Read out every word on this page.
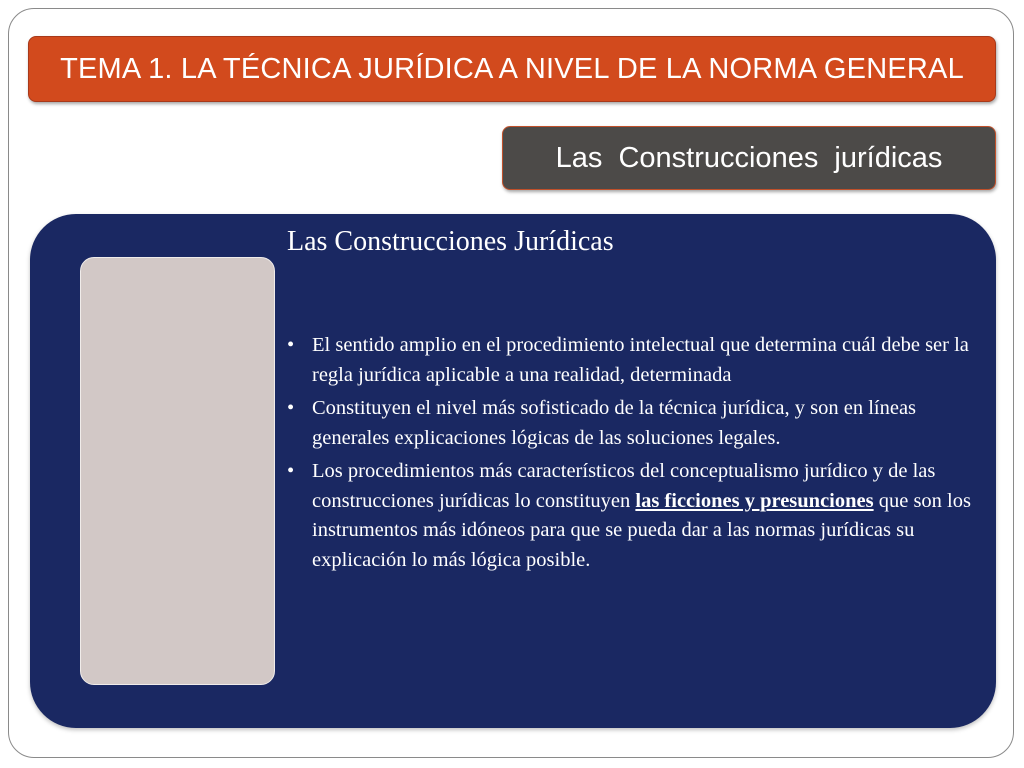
TEMA 1. LA TÉCNICA JURÍDICA A NIVEL DE LA NORMA GENERAL
Las  Construcciones  jurídicas
Las Construcciones Jurídicas
• El sentido amplio en el procedimiento intelectual que determina cuál debe ser la regla jurídica aplicable a una realidad, determinada
• Constituyen el nivel más sofisticado de la técnica jurídica, y son en líneas generales explicaciones lógicas de las soluciones legales.
• Los procedimientos más característicos del conceptualismo jurídico y de las construcciones jurídicas lo constituyen las ficciones y presunciones que son los instrumentos más idóneos para que se pueda dar a las normas jurídicas su explicación lo más lógica posible.
